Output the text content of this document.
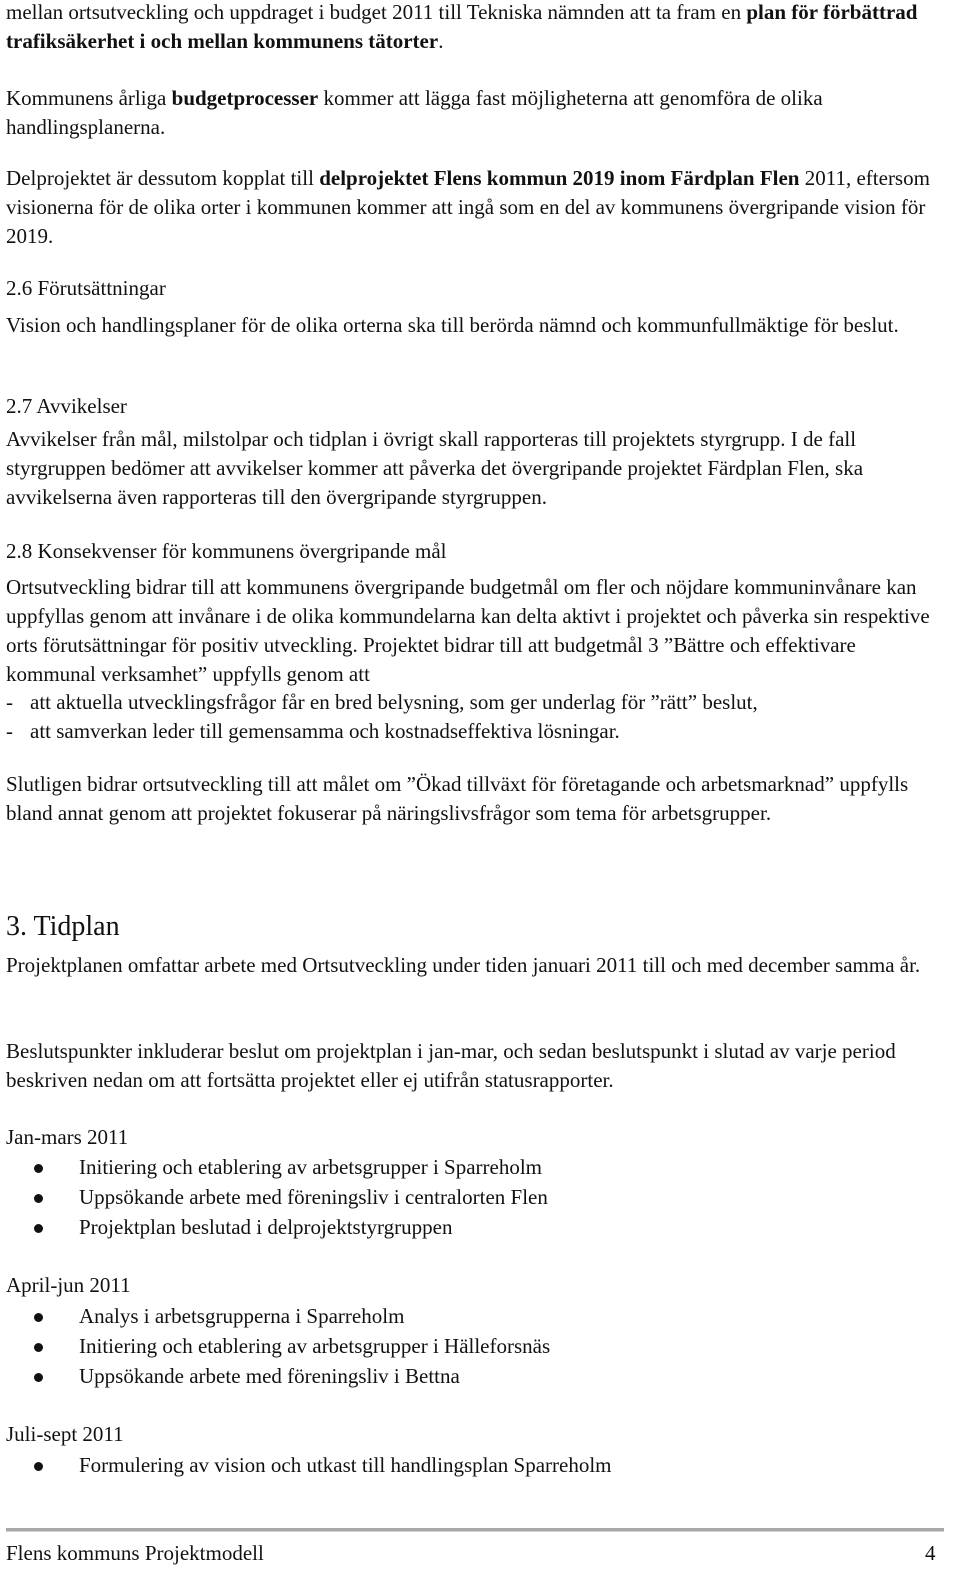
mellan ortsutveckling och uppdraget i budget 2011 till Tekniska nämnden att ta fram en plan för förbättrad trafiksäkerhet i och mellan kommunens tätorter.

Kommunens årliga budgetprocesser kommer att lägga fast möjligheterna att genomföra de olika handlingsplanerna.

Delprojektet är dessutom kopplat till delprojektet Flens kommun 2019 inom Färdplan Flen 2011, eftersom visionerna för de olika orter i kommunen kommer att ingå som en del av kommunens övergripande vision för 2019.

2.6 Förutsättningar

Vision och handlingsplaner för de olika orterna ska till berörda nämnd och kommunfullmäktige för beslut.

2.7 Avvikelser

Avvikelser från mål, milstolpar och tidplan i övrigt skall rapporteras till projektets styrgrupp. I de fall styrgruppen bedömer att avvikelser kommer att påverka det övergripande projektet Färdplan Flen, ska avvikelserna även rapporteras till den övergripande styrgruppen.

2.8 Konsekvenser för kommunens övergripande mål

Ortsutveckling bidrar till att kommunens övergripande budgetmål om fler och nöjdare kommuninvånare kan uppfyllas genom att invånare i de olika kommundelarna kan delta aktivt i projektet och påverka sin respektive orts förutsättningar för positiv utveckling. Projektet bidrar till att budgetmål 3 ”Bättre och effektivare kommunal verksamhet” uppfylls genom att

- att aktuella utvecklingsfrågor får en bred belysning, som ger underlag för ”rätt” beslut,

- att samverkan leder till gemensamma och kostnadseffektiva lösningar.

Slutligen bidrar ortsutveckling till att målet om ”Ökad tillväxt för företagande och arbetsmarknad” uppfylls bland annat genom att projektet fokuserar på näringslivsfrågor som tema för arbetsgrupper.

3. Tidplan

Projektplanen omfattar arbete med Ortsutveckling under tiden januari 2011 till och med december samma år.

Beslutspunkter inkluderar beslut om projektplan i jan-mar, och sedan beslutspunkt i slutad av varje period beskriven nedan om att fortsätta projektet eller ej utifrån statusrapporter.

Jan-mars 2011

Initiering och etablering av arbetsgrupper i Sparreholm
Uppsökande arbete med föreningsliv i centralorten Flen
Projektplan beslutad i delprojektstyrgruppen

April-jun 2011

Analys i arbetsgrupperna i Sparreholm
Initiering och etablering av arbetsgrupper i Hälleforsnäs
Uppsökande arbete med föreningsliv i Bettna

Juli-sept 2011

Formulering av vision och utkast till handlingsplan Sparreholm
Flens kommuns Projektmodell	4
